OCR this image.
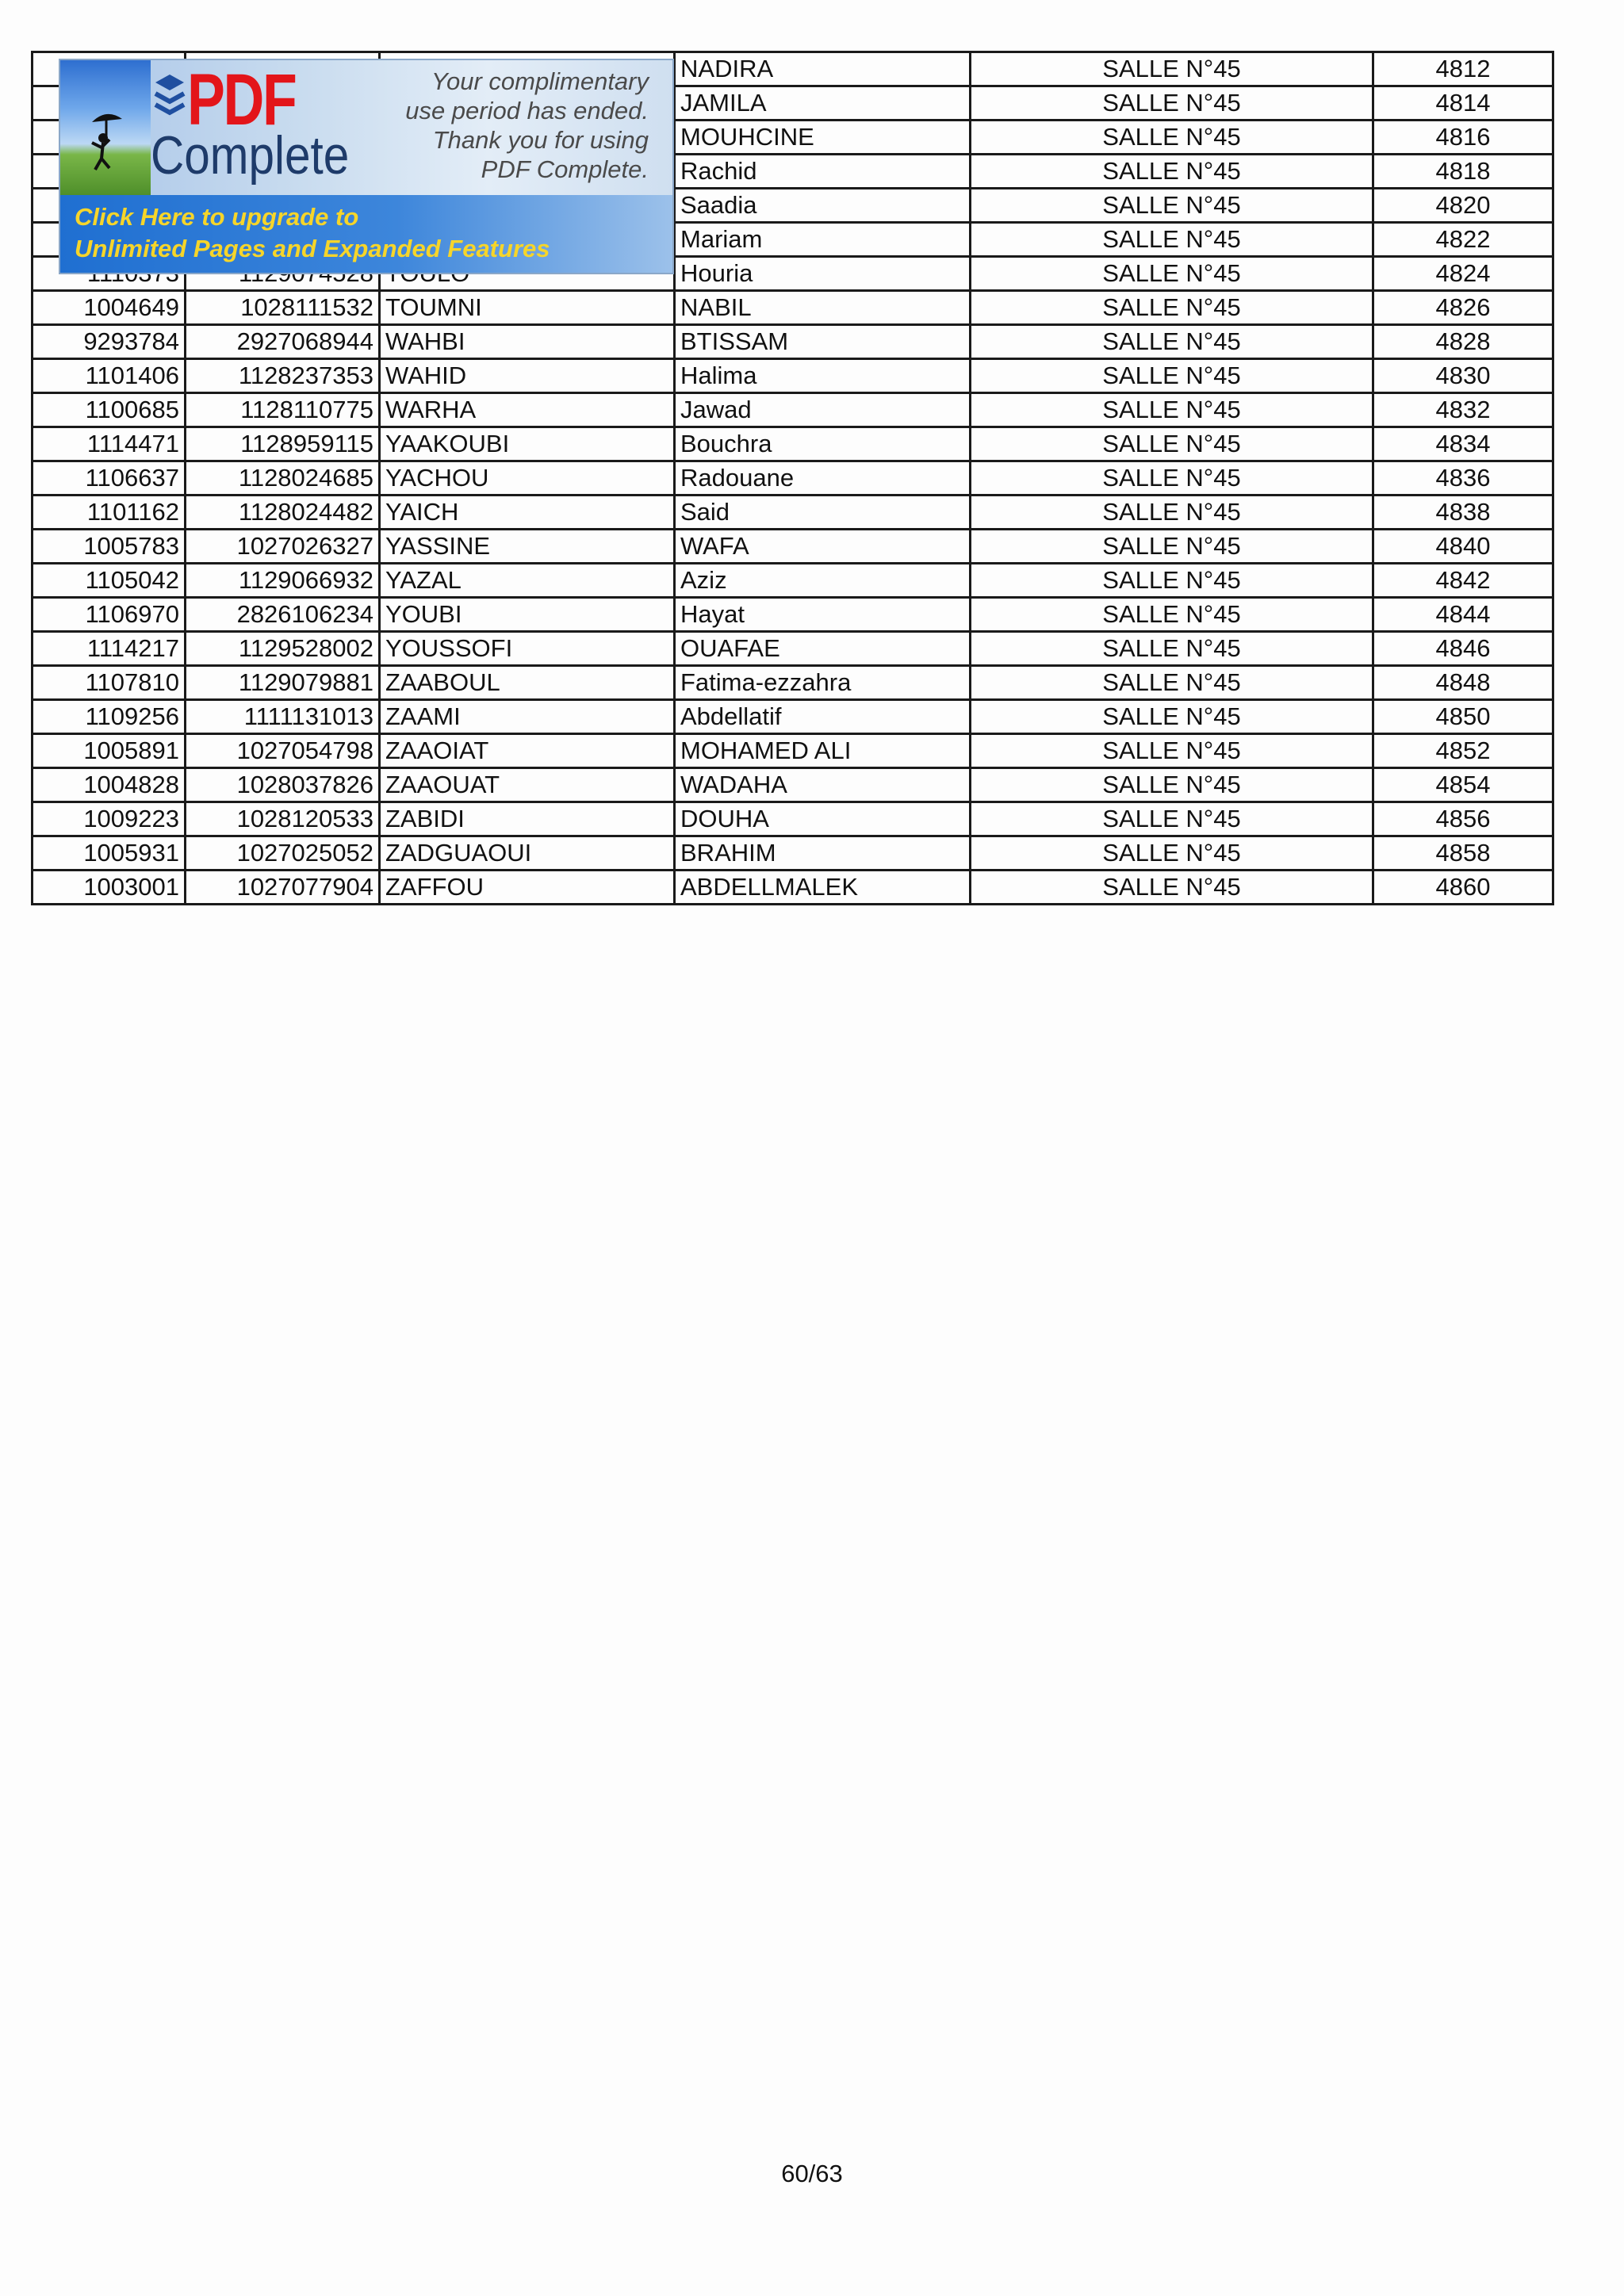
			NADIRA	SALLE N°45	4812
			JAMILA	SALLE N°45	4814
			MOUHCINE	SALLE N°45	4816
			Rachid	SALLE N°45	4818
			Saadia	SALLE N°45	4820
			Mariam	SALLE N°45	4822
			Houria	SALLE N°45	4824
1004649	1028111532	TOUMNI	NABIL	SALLE N°45	4826
9293784	2927068944	WAHBI	BTISSAM	SALLE N°45	4828
1101406	1128237353	WAHID	Halima	SALLE N°45	4830
1100685	1128110775	WARHA	Jawad	SALLE N°45	4832
1114471	1128959115	YAAKOUBI	Bouchra	SALLE N°45	4834
1106637	1128024685	YACHOU	Radouane	SALLE N°45	4836
1101162	1128024482	YAICH	Said	SALLE N°45	4838
1005783	1027026327	YASSINE	WAFA	SALLE N°45	4840
1105042	1129066932	YAZAL	Aziz	SALLE N°45	4842
1106970	2826106234	YOUBI	Hayat	SALLE N°45	4844
1114217	1129528002	YOUSSOFI	OUAFAE	SALLE N°45	4846
1107810	1129079881	ZAABOUL	Fatima-ezzahra	SALLE N°45	4848
1109256	1111131013	ZAAMI	Abdellatif	SALLE N°45	4850
1005891	1027054798	ZAAOIAT	MOHAMED ALI	SALLE N°45	4852
1004828	1028037826	ZAAOUAT	WADAHA	SALLE N°45	4854
1009223	1028120533	ZABIDI	DOUHA	SALLE N°45	4856
1005931	1027025052	ZADGUAOUI	BRAHIM	SALLE N°45	4858
1003001	1027077904	ZAFFOU	ABDELLMALEK	SALLE N°45	4860
PDF
Complete
Your complimentary
use period has ended.
Thank you for using
PDF Complete.
Click Here to upgrade to
Unlimited Pages and Expanded Features
60/63
